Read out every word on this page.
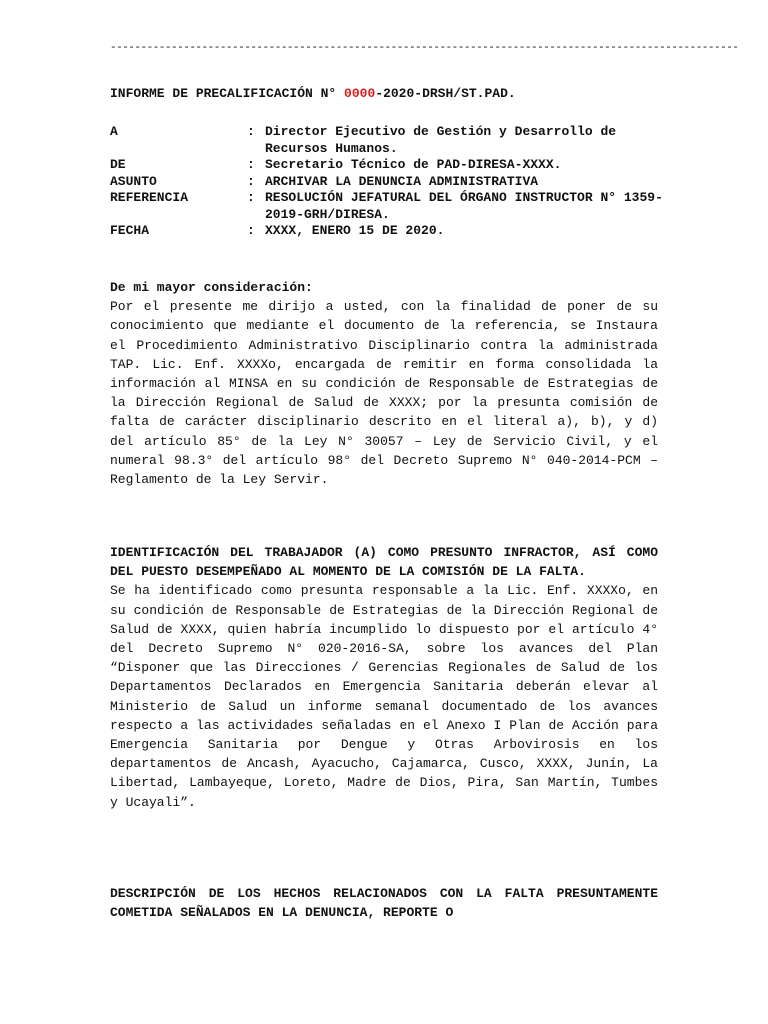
-------------------------------------------------------------------------------------------------------
INFORME DE PRECALIFICACIÓN N° 0000-2020-DRSH/ST.PAD.
A	: Director Ejecutivo de Gestión y Desarrollo de Recursos Humanos.
DE	: Secretario Técnico de PAD-DIRESA-XXXX.
ASUNTO	: ARCHIVAR LA DENUNCIA ADMINISTRATIVA
REFERENCIA	: RESOLUCIÓN JEFATURAL DEL ÓRGANO INSTRUCTOR N° 1359-2019-GRH/DIRESA.
FECHA	: XXXX, ENERO 15 DE 2020.

De mi mayor consideración:

Por el presente me dirijo a usted, con la finalidad de poner de su conocimiento que mediante el documento de la referencia, se Instaura el Procedimiento Administrativo Disciplinario contra la administrada TAP. Lic. Enf. XXXXo, encargada de remitir en forma consolidada la información al MINSA en su condición de Responsable de Estrategias de la Dirección Regional de Salud de XXXX; por la presunta comisión de falta de carácter disciplinario descrito en el literal a), b), y d) del artículo 85° de la Ley N° 30057 – Ley de Servicio Civil, y el numeral 98.3° del artículo 98° del Decreto Supremo N° 040-2014-PCM – Reglamento de la Ley Servir.

IDENTIFICACIÓN DEL TRABAJADOR (A) COMO PRESUNTO INFRACTOR, ASÍ COMO DEL PUESTO DESEMPEÑADO AL MOMENTO DE LA COMISIÓN DE LA FALTA.

Se ha identificado como presunta responsable a la Lic. Enf. XXXXo, en su condición de Responsable de Estrategias de la Dirección Regional de Salud de XXXX, quien habría incumplido lo dispuesto por el artículo 4° del Decreto Supremo N° 020-2016-SA, sobre los avances del Plan “Disponer que las Direcciones / Gerencias Regionales de Salud de los Departamentos Declarados en Emergencia Sanitaria deberán elevar al Ministerio de Salud un informe semanal documentado de los avances respecto a las actividades señaladas en el Anexo I Plan de Acción para Emergencia Sanitaria por Dengue y Otras Arbovirosis en los departamentos de Ancash, Ayacucho, Cajamarca, Cusco, XXXX, Junín, La Libertad, Lambayeque, Loreto, Madre de Dios, Pira, San Martín, Tumbes y Ucayali”.

DESCRIPCIÓN DE LOS HECHOS RELACIONADOS CON LA FALTA PRESUNTAMENTE COMETIDA SEÑALADOS EN LA DENUNCIA, REPORTE O
